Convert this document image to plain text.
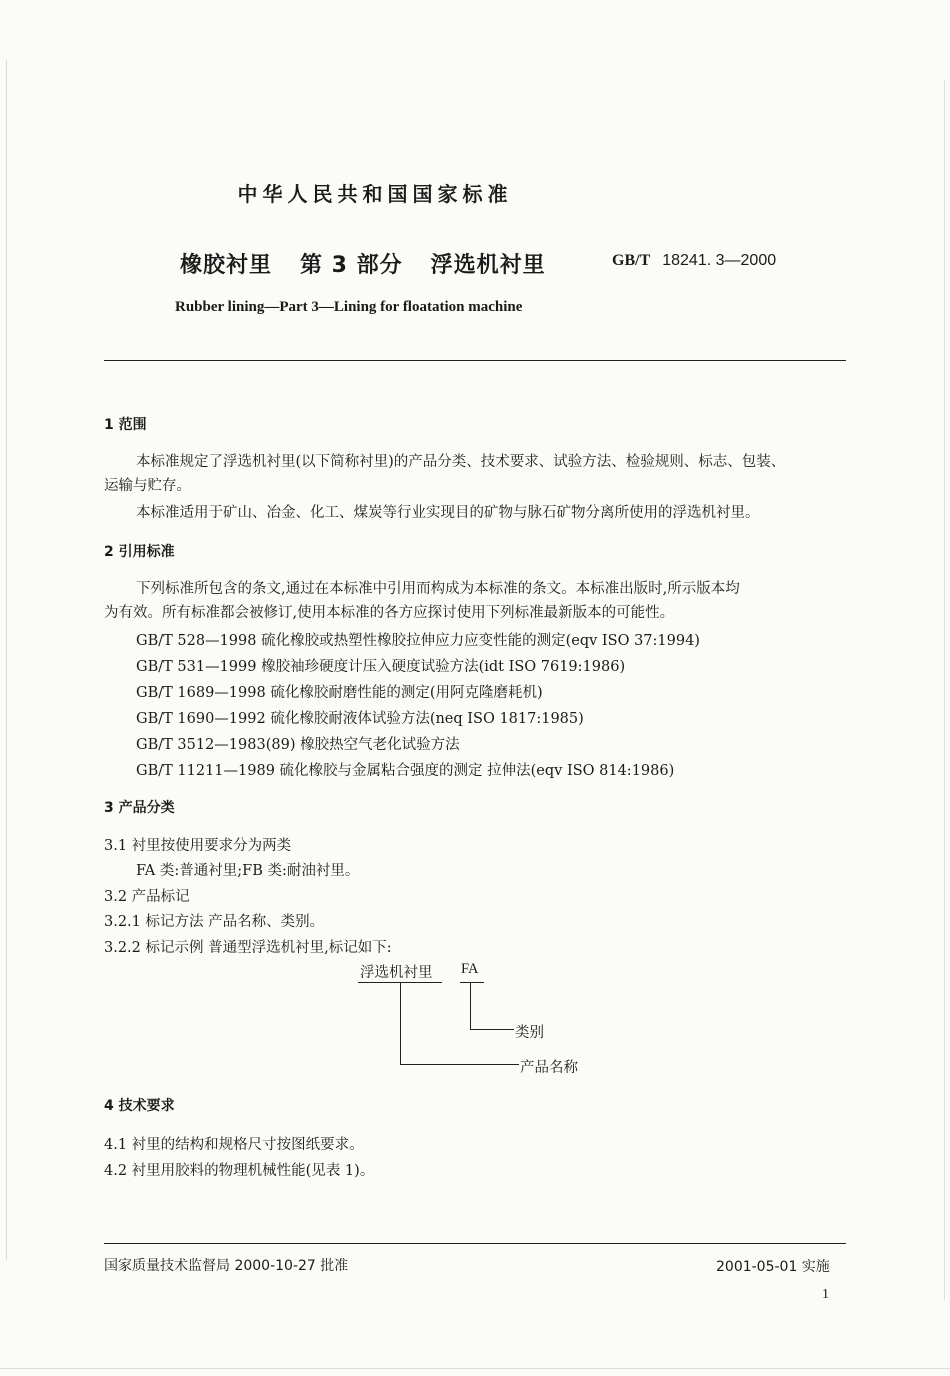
中华人民共和国国家标准
橡胶衬里 第 3 部分 浮选机衬里	GB/T 18241. 3—2000
Rubber lining—Part 3—Lining for floatation machine
1 范围
本标准规定了浮选机衬里(以下简称衬里)的产品分类、技术要求、试验方法、检验规则、标志、包装、
运输与贮存。
本标准适用于矿山、冶金、化工、煤炭等行业实现目的矿物与脉石矿物分离所使用的浮选机衬里。
2 引用标准
下列标准所包含的条文,通过在本标准中引用而构成为本标准的条文。本标准出版时,所示版本均
为有效。所有标准都会被修订,使用本标准的各方应探讨使用下列标准最新版本的可能性。
GB/T 528—1998 硫化橡胶或热塑性橡胶拉伸应力应变性能的测定(eqv ISO 37:1994)
GB/T 531—1999 橡胶袖珍硬度计压入硬度试验方法(idt ISO 7619:1986)
GB/T 1689—1998 硫化橡胶耐磨性能的测定(用阿克隆磨耗机)
GB/T 1690—1992 硫化橡胶耐液体试验方法(neq ISO 1817:1985)
GB/T 3512—1983(89) 橡胶热空气老化试验方法
GB/T 11211—1989 硫化橡胶与金属粘合强度的测定 拉伸法(eqv ISO 814:1986)
3 产品分类
3.1 衬里按使用要求分为两类
FA 类:普通衬里;FB 类:耐油衬里。
3.2 产品标记
3.2.1 标记方法 产品名称、类别。
3.2.2 标记示例 普通型浮选机衬里,标记如下:
浮选机衬里 FA
类别
产品名称
4 技术要求
4.1 衬里的结构和规格尺寸按图纸要求。
4.2 衬里用胶料的物理机械性能(见表 1)。
国家质量技术监督局 2000-10-27 批准	2001-05-01 实施
1
